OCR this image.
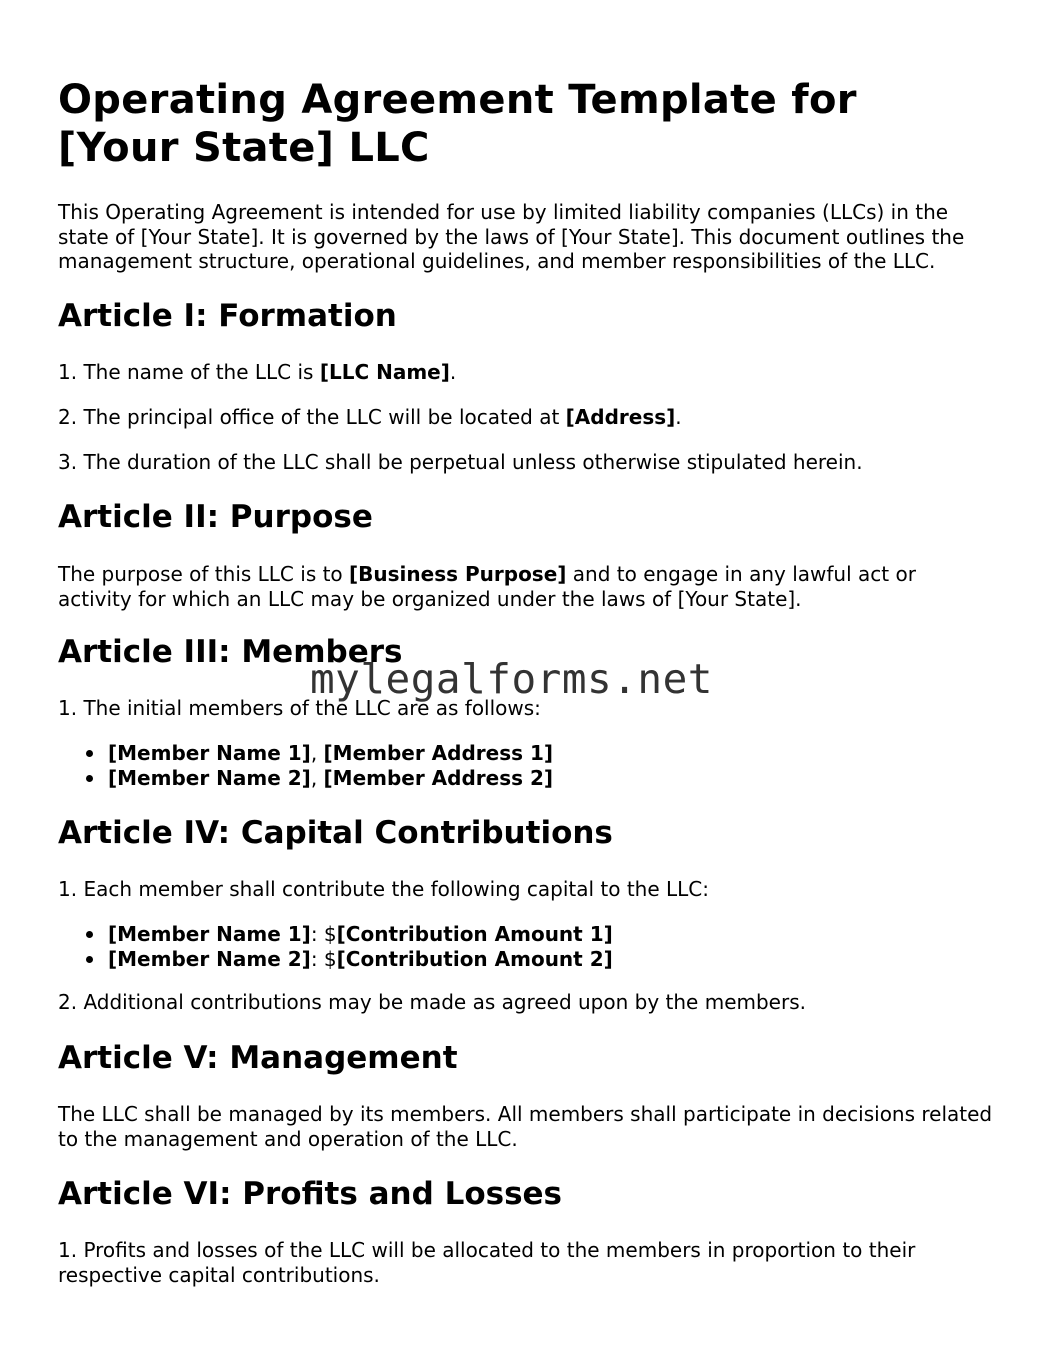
Operating Agreement Template for [Your State] LLC

This Operating Agreement is intended for use by limited liability companies (LLCs) in the state of [Your State]. It is governed by the laws of [Your State]. This document outlines the management structure, operational guidelines, and member responsibilities of the LLC.

Article I: Formation

1. The name of the LLC is [LLC Name].

2. The principal office of the LLC will be located at [Address].

3. The duration of the LLC shall be perpetual unless otherwise stipulated herein.

Article II: Purpose

The purpose of this LLC is to [Business Purpose] and to engage in any lawful act or activity for which an LLC may be organized under the laws of [Your State].

Article III: Members

1. The initial members of the LLC are as follows:

[Member Name 1], [Member Address 1]
[Member Name 2], [Member Address 2]
Article IV: Capital Contributions

1. Each member shall contribute the following capital to the LLC:

[Member Name 1]: $[Contribution Amount 1]
[Member Name 2]: $[Contribution Amount 2]

2. Additional contributions may be made as agreed upon by the members.

Article V: Management

The LLC shall be managed by its members. All members shall participate in decisions related to the management and operation of the LLC.

Article VI: Profits and Losses

1. Profits and losses of the LLC will be allocated to the members in proportion to their respective capital contributions.

mylegalforms.net
